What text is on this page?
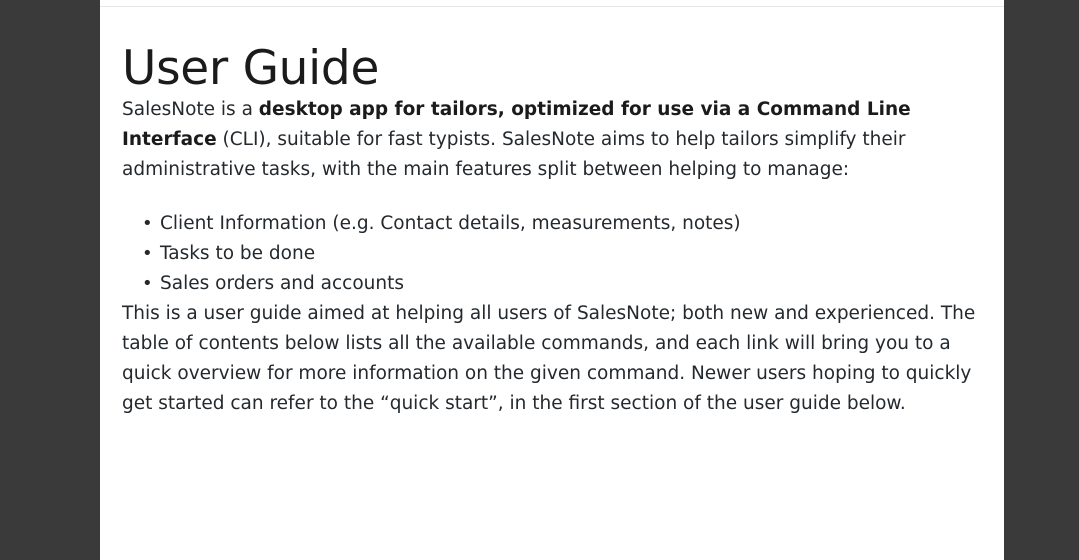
User Guide

SalesNote is a desktop app for tailors, optimized for use via a Command Line Interface (CLI), suitable for fast typists. SalesNote aims to help tailors simplify their administrative tasks, with the main features split between helping to manage:

• Client Information (e.g. Contact details, measurements, notes)
• Tasks to be done
• Sales orders and accounts

This is a user guide aimed at helping all users of SalesNote; both new and experienced. The table of contents below lists all the available commands, and each link will bring you to a quick overview for more information on the given command. Newer users hoping to quickly get started can refer to the “quick start”, in the first section of the user guide below.
